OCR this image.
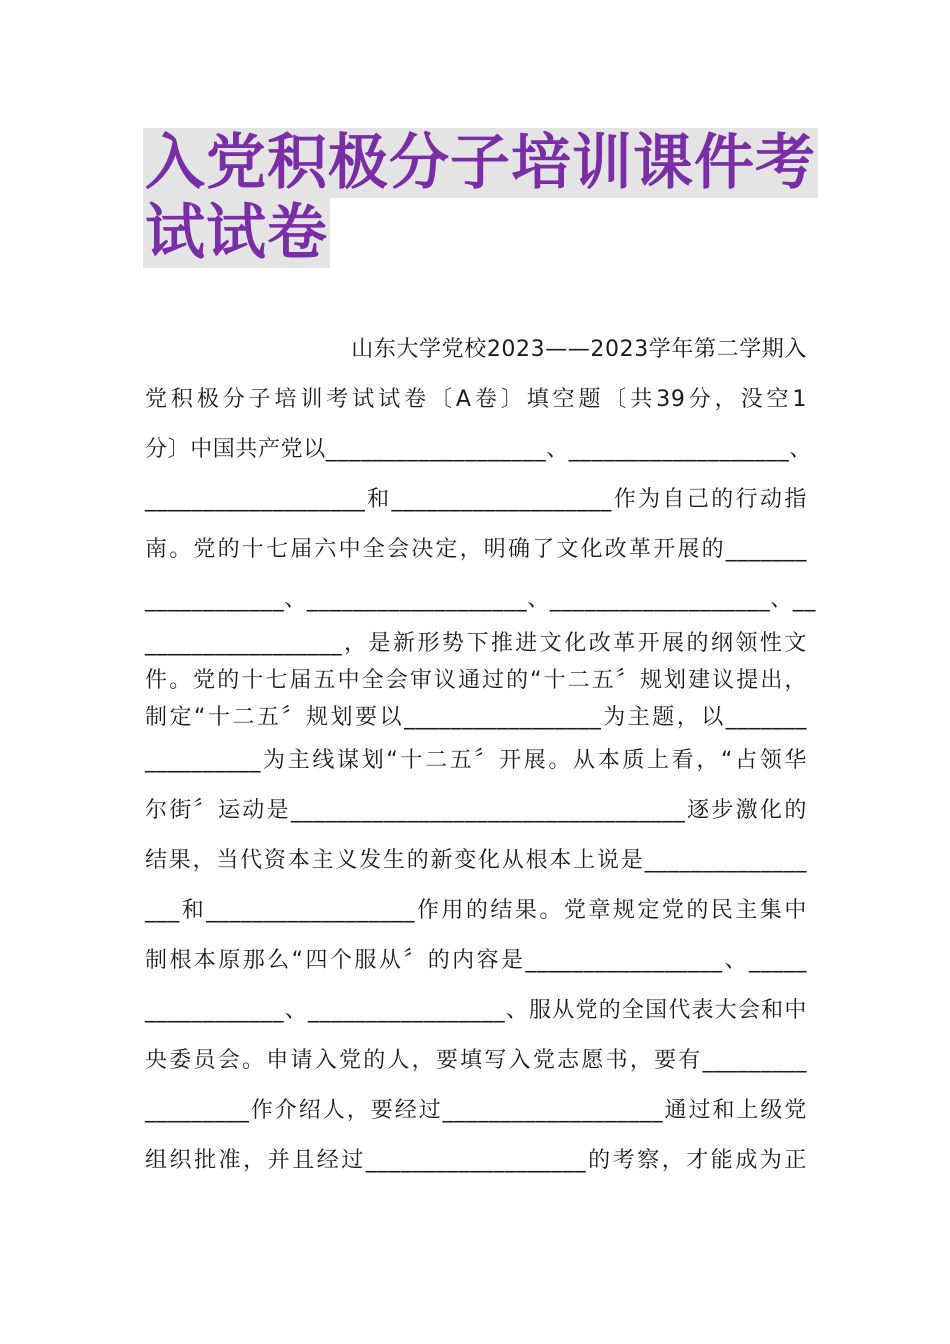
入党积极分子培训课件考
试试卷
山东大学党校2023——2023学年第二学期入
党积极分子培训考试试卷〔A卷〕填空题〔共39分，没空1
分〕中国共产党以___________________、___________________、
___________________和___________________作为自己的行动指
南。党的十七届六中全会决定，明确了文化改革开展的_______
____________、___________________、___________________、__
_________________，是新形势下推进文化改革开展的纲领性文
件。党的十七届五中全会审议通过的“十二五〞规划建议提出，
制定“十二五〞规划要以_________________为主题，以_______
__________为主线谋划“十二五〞开展。从本质上看，“占领华
尔街〞运动是__________________________________逐步激化的
结果，当代资本主义发生的新变化从根本上说是______________
___和__________________作用的结果。党章规定党的民主集中
制根本原那么“四个服从〞的内容是_________________、_____
____________、_________________、服从党的全国代表大会和中
央委员会。申请入党的人，要填写入党志愿书，要有_________
_________作介绍人，要经过___________________通过和上级党
组织批准，并且经过___________________的考察，才能成为正
